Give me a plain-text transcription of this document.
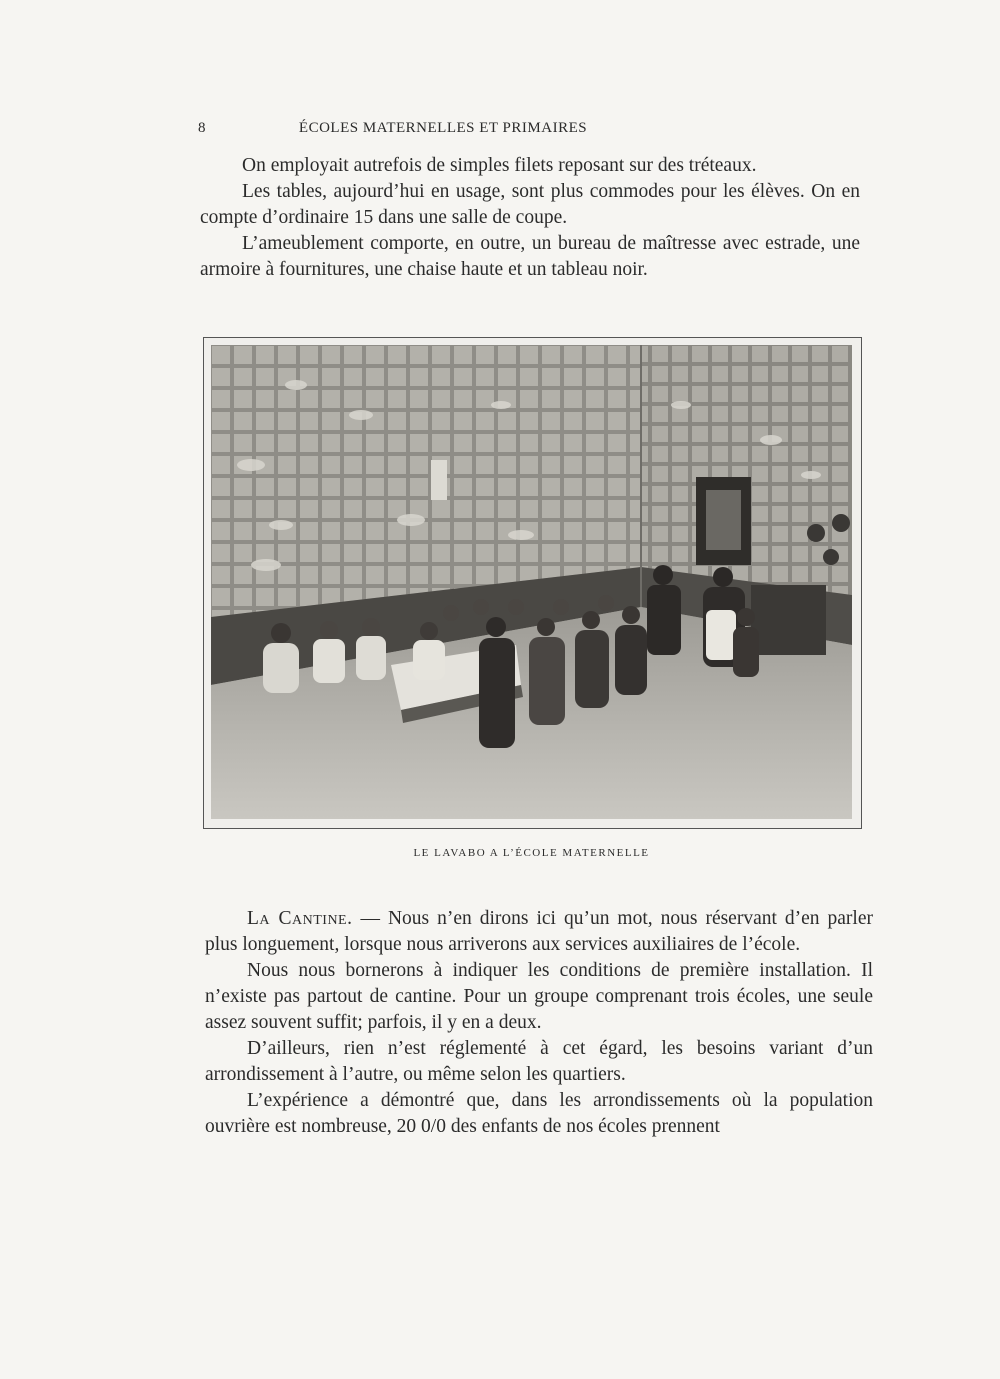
8	ÉCOLES MATERNELLES ET PRIMAIRES

On employait autrefois de simples filets reposant sur des tréteaux.

Les tables, aujourd’hui en usage, sont plus commodes pour les élèves. On en compte d’ordinaire 15 dans une salle de coupe.

L’ameublement comporte, en outre, un bureau de maîtresse avec estrade, une armoire à fournitures, une chaise haute et un tableau noir.

LE LAVABO A L’ÉCOLE MATERNELLE

La Cantine. — Nous n’en dirons ici qu’un mot, nous réservant d’en parler plus longuement, lorsque nous arriverons aux services auxiliaires de l’école.

Nous nous bornerons à indiquer les conditions de première installation. Il n’existe pas partout de cantine. Pour un groupe comprenant trois écoles, une seule assez souvent suffit; parfois, il y en a deux.

D’ailleurs, rien n’est réglementé à cet égard, les besoins variant d’un arrondissement à l’autre, ou même selon les quartiers.

L’expérience a démontré que, dans les arrondissements où la population ouvrière est nombreuse, 20 0/0 des enfants de nos écoles prennent
